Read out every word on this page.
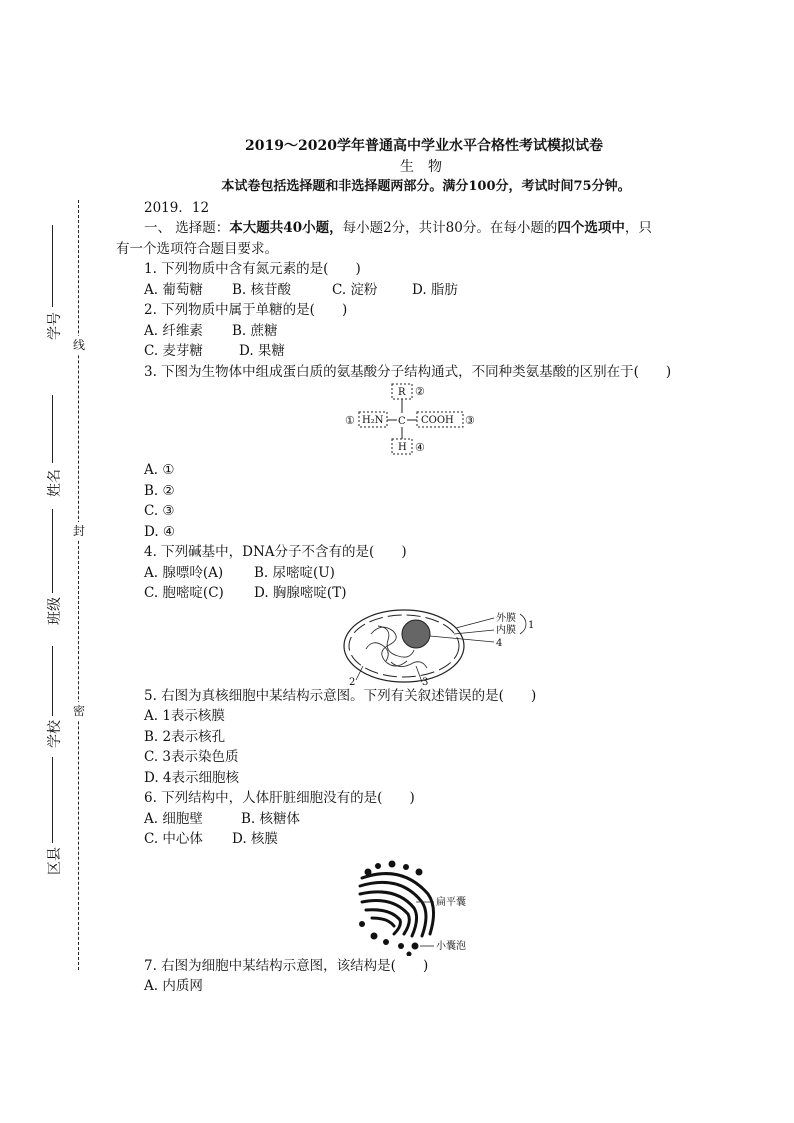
学号
姓名
班级
学校
区县
线
封
密
2019～2020学年普通高中学业水平合格性考试模拟试卷
生物
本试卷包括选择题和非选择题两部分。满分100分，考试时间75分钟。
2019．12
一、 选择题：本大题共40小题，每小题2分，共计80分。在每小题的四个选项中，只
有一个选项符合题目要求。
1. 下列物质中含有氮元素的是(　　)
A. 葡萄糖 B. 核苷酸	C. 淀粉	D. 脂肪
2. 下列物质中属于单糖的是(　　)
A. 纤维素 B. 蔗糖
C. 麦芽糖	D. 果糖
3. 下图为生物体中组成蛋白质的氨基酸分子结构通式，不同种类氨基酸的区别在于(　　)
R ②
H₂N
①	C COOH ③
H ④
A. ①
B. ②
C. ③
D. ④
4. 下列碱基中，DNA分子不含有的是(　　)
A. 腺嘌呤(A) B. 尿嘧啶(U)
C. 胞嘧啶(C) D. 胸腺嘧啶(T)
外膜
内膜 1
4
2	3
5. 右图为真核细胞中某结构示意图。下列有关叙述错误的是(　　)
A. 1表示核膜
B. 2表示核孔
C. 3表示染色质
D. 4表示细胞核
6. 下列结构中，人体肝脏细胞没有的是(　　)
A. 细胞壁	B. 核糖体
C. 中心体 D. 核膜
扁平囊
小囊泡
7. 右图为细胞中某结构示意图，该结构是(　　)
A. 内质网
